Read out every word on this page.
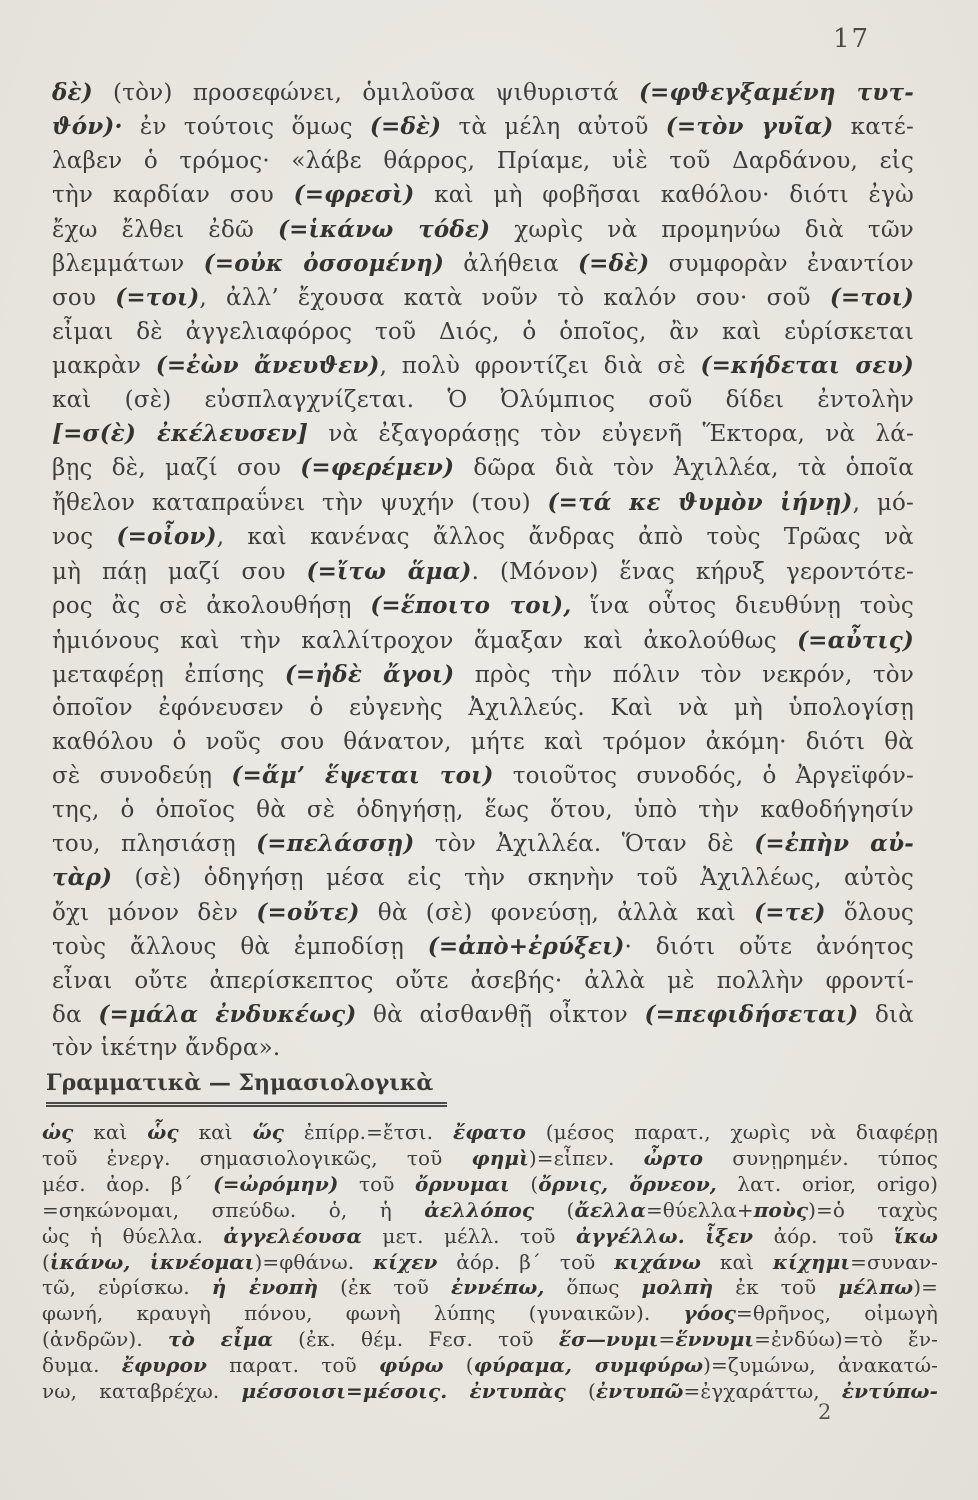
17
δὲ) (τὸν) προσεφώνει, ὁμιλοῦσα ψιθυριστά (=φϑεγξαμένη τυτ-
ϑόν)· ἐν τούτοις ὅμως (=δὲ) τὰ μέλη αὐτοῦ (=τὸν γυῖα) κατέ-
λαβεν ὁ τρόμος· «λάβε θάρρος, Πρίαμε, υἱὲ τοῦ Δαρδάνου, εἰς
τὴν καρδίαν σου (=φρεσὶ) καὶ μὴ φοβῆσαι καθόλου· διότι ἐγὼ
ἔχω ἔλθει ἐδῶ (=ἱκάνω τόδε) χωρὶς νὰ προμηνύω διὰ τῶν
βλεμμάτων (=οὐκ ὀσσομένη) ἀλήθεια (=δὲ) συμφορὰν ἐναντίον
σου (=τοι), ἀλλ’ ἔχουσα κατὰ νοῦν τὸ καλόν σου· σοῦ (=τοι)
εἶμαι δὲ ἀγγελιαφόρος τοῦ Διός, ὁ ὁποῖος, ἂν καὶ εὑρίσκεται
μακρὰν (=ἐὼν ἄνευϑεν), πολὺ φροντίζει διὰ σὲ (=κήδεται σευ)
καὶ (σὲ) εὐσπλαγχνίζεται. Ὁ Ὀλύμπιος σοῦ δίδει ἐντολὴν
[=σ(ὲ) ἐκέλευσεν] νὰ ἐξαγοράσῃς τὸν εὐγενῆ Ἕκτορα, νὰ λά-
βῃς δὲ, μαζί σου (=φερέμεν) δῶρα διὰ τὸν Ἀχιλλέα, τὰ ὁποῖα
ἤθελον καταπραΰνει τὴν ψυχήν (του) (=τά κε ϑυμὸν ἰήνῃ), μό-
νος (=οἶον), καὶ κανένας ἄλλος ἄνδρας ἀπὸ τοὺς Τρῶας νὰ
μὴ πάῃ μαζί σου (=ἴτω ἅμα). (Μόνον) ἕνας κήρυξ γεροντότε-
ρος ἂς σὲ ἀκολουθήσῃ (=ἕποιτο τοι), ἵνα οὗτος διευθύνῃ τοὺς
ἡμιόνους καὶ τὴν καλλίτροχον ἅμαξαν καὶ ἀκολούθως (=αὖτις)
μεταφέρῃ ἐπίσης (=ἠδὲ ἄγοι) πρὸς τὴν πόλιν τὸν νεκρόν, τὸν
ὁποῖον ἐφόνευσεν ὁ εὐγενὴς Ἀχιλλεύς. Καὶ νὰ μὴ ὑπολογίσῃ
καθόλου ὁ νοῦς σου θάνατον, μήτε καὶ τρόμον ἀκόμη· διότι θὰ
σὲ συνοδεύῃ (=ἅμ’ ἕψεται τοι) τοιοῦτος συνοδός, ὁ Ἀργεϊφόν-
της, ὁ ὁποῖος θὰ σὲ ὁδηγήσῃ, ἕως ὅτου, ὑπὸ τὴν καθοδήγησίν
του, πλησιάσῃ (=πελάσσῃ) τὸν Ἀχιλλέα. Ὅταν δὲ (=ἐπὴν αὐ-
τὰρ) (σὲ) ὁδηγήσῃ μέσα εἰς τὴν σκηνὴν τοῦ Ἀχιλλέως, αὐτὸς
ὄχι μόνον δὲν (=οὔτε) θὰ (σὲ) φονεύσῃ, ἀλλὰ καὶ (=τε) ὅλους
τοὺς ἄλλους θὰ ἐμποδίσῃ (=ἀπὸ+ἐρύξει)· διότι οὔτε ἀνόητος
εἶναι οὔτε ἀπερίσκεπτος οὔτε ἀσεβής· ἀλλὰ μὲ πολλὴν φροντί-
δα (=μάλα ἐνδυκέως) θὰ αἰσθανθῇ οἶκτον (=πεφιδήσεται) διὰ
τὸν ἱκέτην ἄνδρα».
Γραμματικὰ — Σημασιολογικὰ
ὡς καὶ ὧς καὶ ὥς ἐπίρρ.=ἔτσι. ἔφατο (μέσος παρατ., χωρὶς νὰ διαφέρῃ
τοῦ ἐνεργ. σημασιολογικῶς, τοῦ φημὶ)=εἶπεν. ὦρτο συνῃρημέν. τύπος
μέσ. ἀορ. β΄ (=ὠρόμην) τοῦ ὄρνυμαι (ὄρνις, ὄρνεον, λατ. orior, origo)
=σηκώνομαι, σπεύδω. ὁ, ἡ ἀελλόπος (ἄελλα=θύελλα+ποὺς)=ὁ ταχὺς
ὡς ἡ θύελλα. ἀγγελέουσα μετ. μέλλ. τοῦ ἀγγέλλω. ἷξεν ἀόρ. τοῦ ἵκω
(ἱκάνω, ἱκνέομαι)=φθάνω. κίχεν ἀόρ. β΄ τοῦ κιχάνω καὶ κίχημι=συναν-
τῶ, εὑρίσκω. ἡ ἐνοπὴ (ἐκ τοῦ ἐννέπω, ὅπως μολπὴ ἐκ τοῦ μέλπω)=
φωνή, κραυγὴ πόνου, φωνὴ λύπης (γυναικῶν). γόος=θρῆνος, οἰμωγὴ
(ἀνδρῶν). τὸ εἶμα (ἐκ. θέμ. Fεσ. τοῦ ἕσ—νυμι=ἕννυμι=ἐνδύω)=τὸ ἔν-
δυμα. ἔφυρον παρατ. τοῦ φύρω (φύραμα, συμφύρω)=ζυμώνω, ἀνακατώ-
νω, καταβρέχω. μέσσοισι=μέσοις. ἐντυπὰς (ἐντυπῶ=ἐγχαράττω, ἐντύπω-
2
